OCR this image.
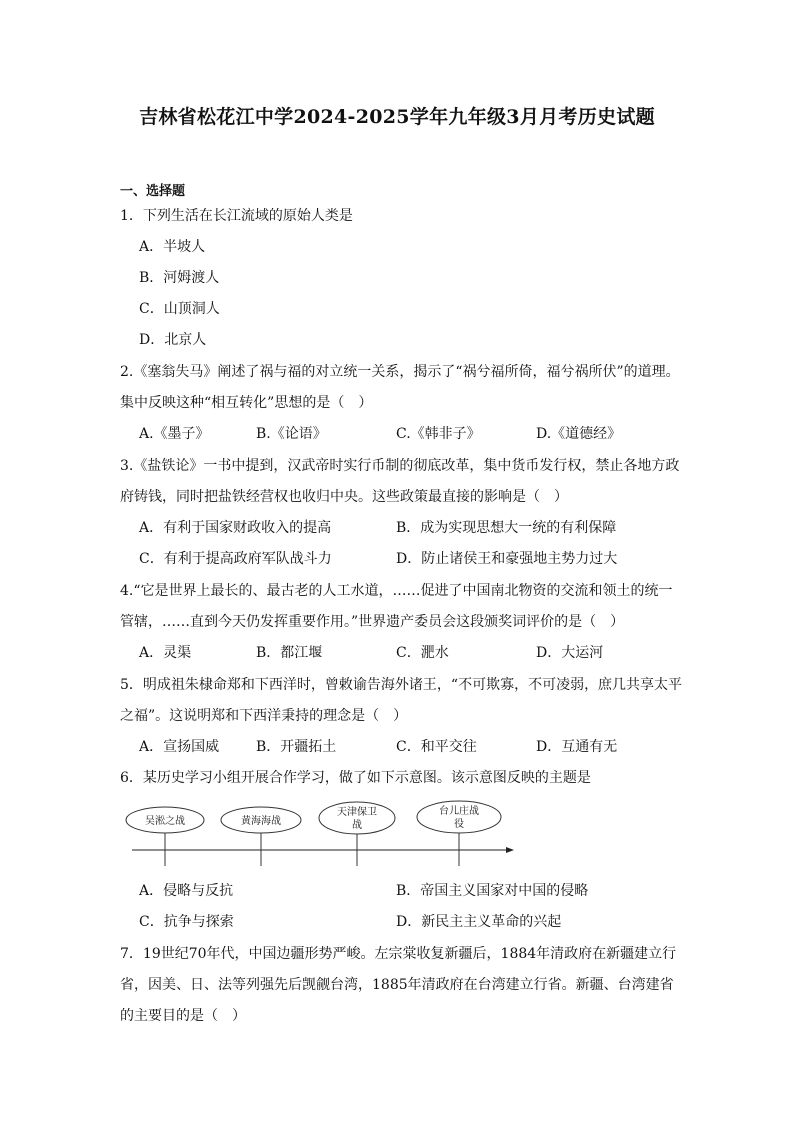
吉林省松花江中学2024-2025学年九年级3月月考历史试题
一、选择题
1．下列生活在长江流域的原始人类是
A．半坡人
B．河姆渡人
C．山顶洞人
D．北京人
2.《塞翁失马》阐述了祸与福的对立统一关系，揭示了“祸兮福所倚，福兮祸所伏”的道理。
集中反映这种“相互转化”思想的是（　）
A.《墨子》	B.《论语》	C.《韩非子》	D.《道德经》
3.《盐铁论》一书中提到，汉武帝时实行币制的彻底改革，集中货币发行权，禁止各地方政
府铸钱，同时把盐铁经营权也收归中央。这些政策最直接的影响是（　）
A．有利于国家财政收入的提高	B．成为实现思想大一统的有利保障
C．有利于提高政府军队战斗力	D．防止诸侯王和豪强地主势力过大
4.“它是世界上最长的、最古老的人工水道，……促进了中国南北物资的交流和领土的统一
管辖，……直到今天仍发挥重要作用。”世界遗产委员会这段颁奖词评价的是（　）
A．灵渠	B．都江堰	C．淝水	D．大运河
5．明成祖朱棣命郑和下西洋时，曾敕谕告海外诸王，“不可欺寡，不可凌弱，庶几共享太平
之福”。这说明郑和下西洋秉持的理念是（　）
A．宣扬国威	B．开疆拓土	C．和平交往	D．互通有无
6．某历史学习小组开展合作学习，做了如下示意图。该示意图反映的主题是
吴淞之战	黄海海战
天津保卫
战
台儿庄战
役
A．侵略与反抗	B．帝国主义国家对中国的侵略
C．抗争与探索	D．新民主主义革命的兴起
7．19世纪70年代，中国边疆形势严峻。左宗棠收复新疆后，1884年清政府在新疆建立行
省，因美、日、法等列强先后觊觎台湾，1885年清政府在台湾建立行省。新疆、台湾建省
的主要目的是（　）
